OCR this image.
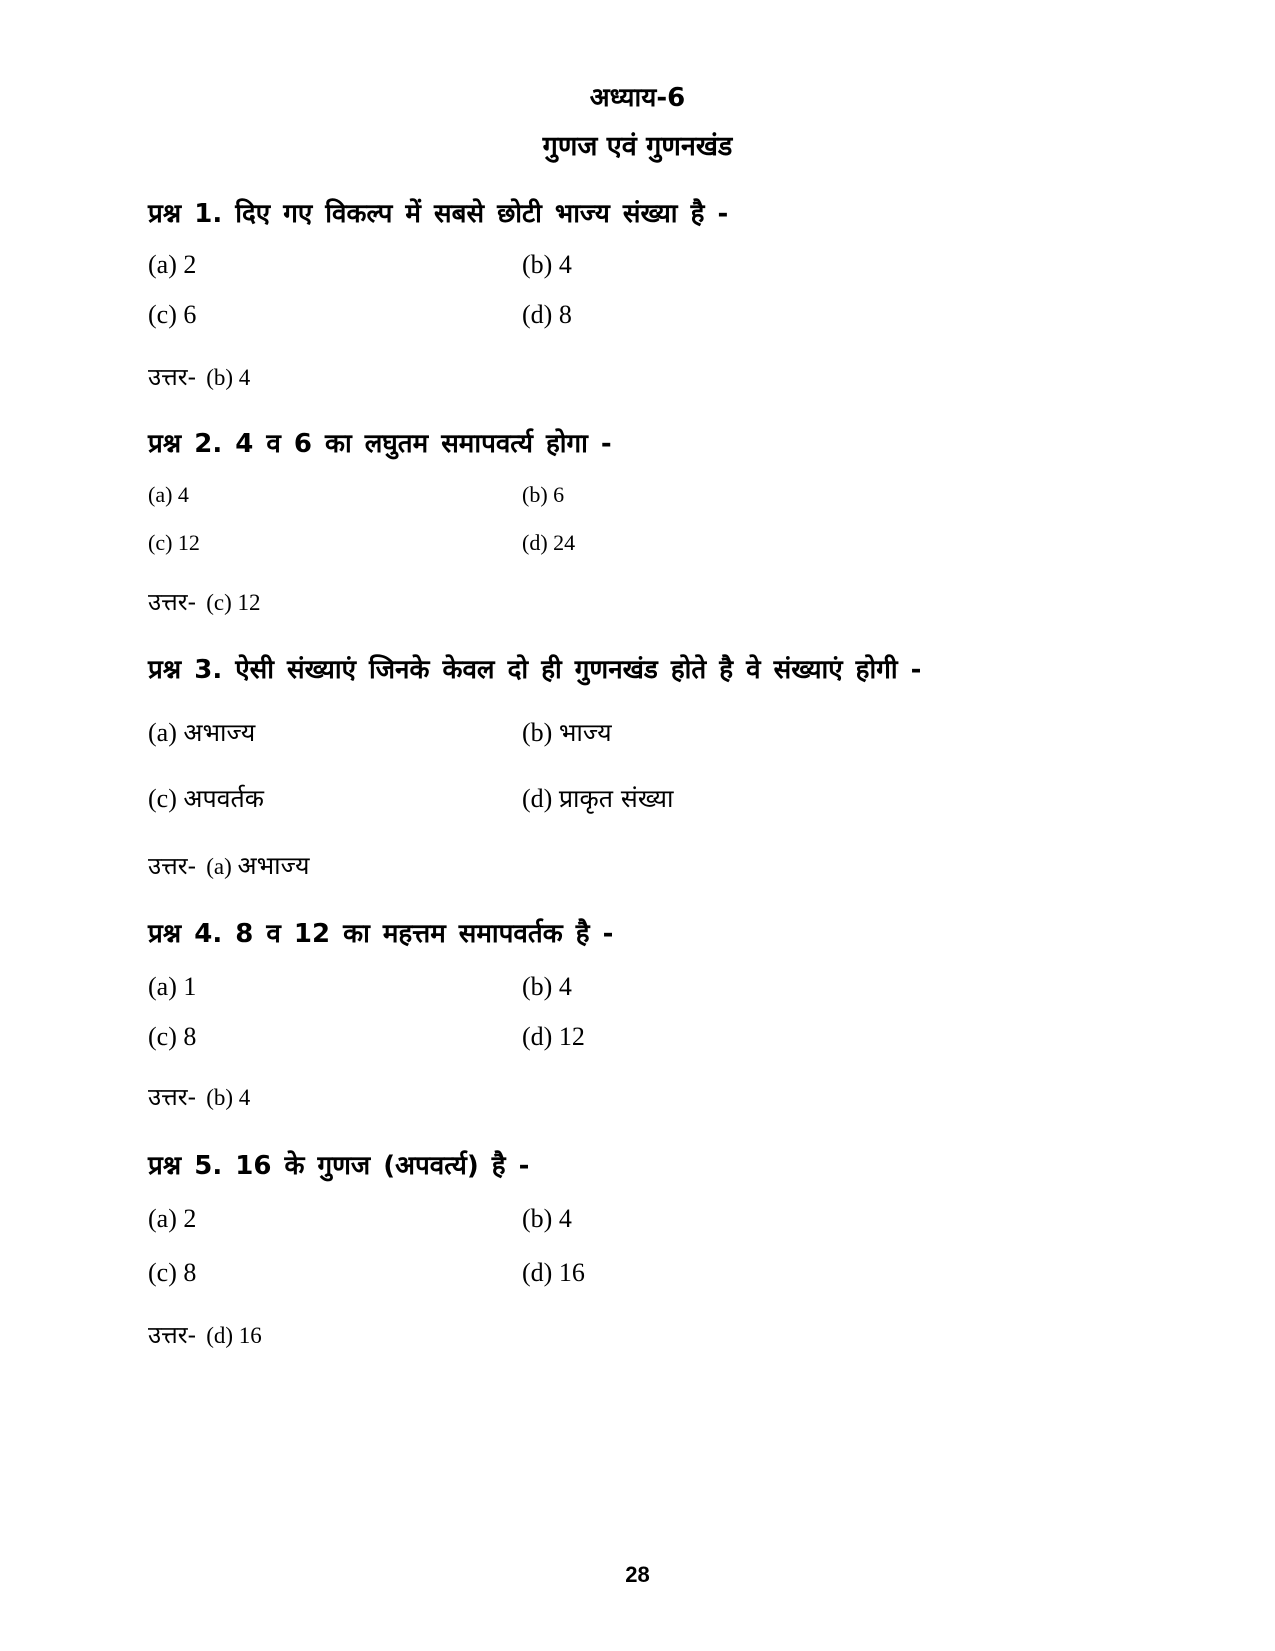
अध्याय-6
गुणज एवं गुणनखंड
प्रश्न 1. दिए गए विकल्प में सबसे छोटी भाज्य संख्या है -
(a) 2	(b) 4
(c) 6	(d) 8
उत्तर- (b) 4
प्रश्न 2. 4 व 6 का लघुतम समापवर्त्य होगा -
(a) 4	(b) 6
(c) 12	(d) 24
उत्तर- (c) 12
प्रश्न 3. ऐसी संख्याएं जिनके केवल दो ही गुणनखंड होते है वे संख्याएं होगी -
(a) अभाज्य	(b) भाज्य
(c) अपवर्तक	(d) प्राकृत संख्या
उत्तर- (a) अभाज्य
प्रश्न 4. 8 व 12 का महत्तम समापवर्तक है -
(a) 1	(b) 4
(c) 8	(d) 12
उत्तर- (b) 4
प्रश्न 5. 16 के गुणज (अपवर्त्य) है -
(a) 2	(b) 4
(c) 8	(d) 16
उत्तर- (d) 16
28
